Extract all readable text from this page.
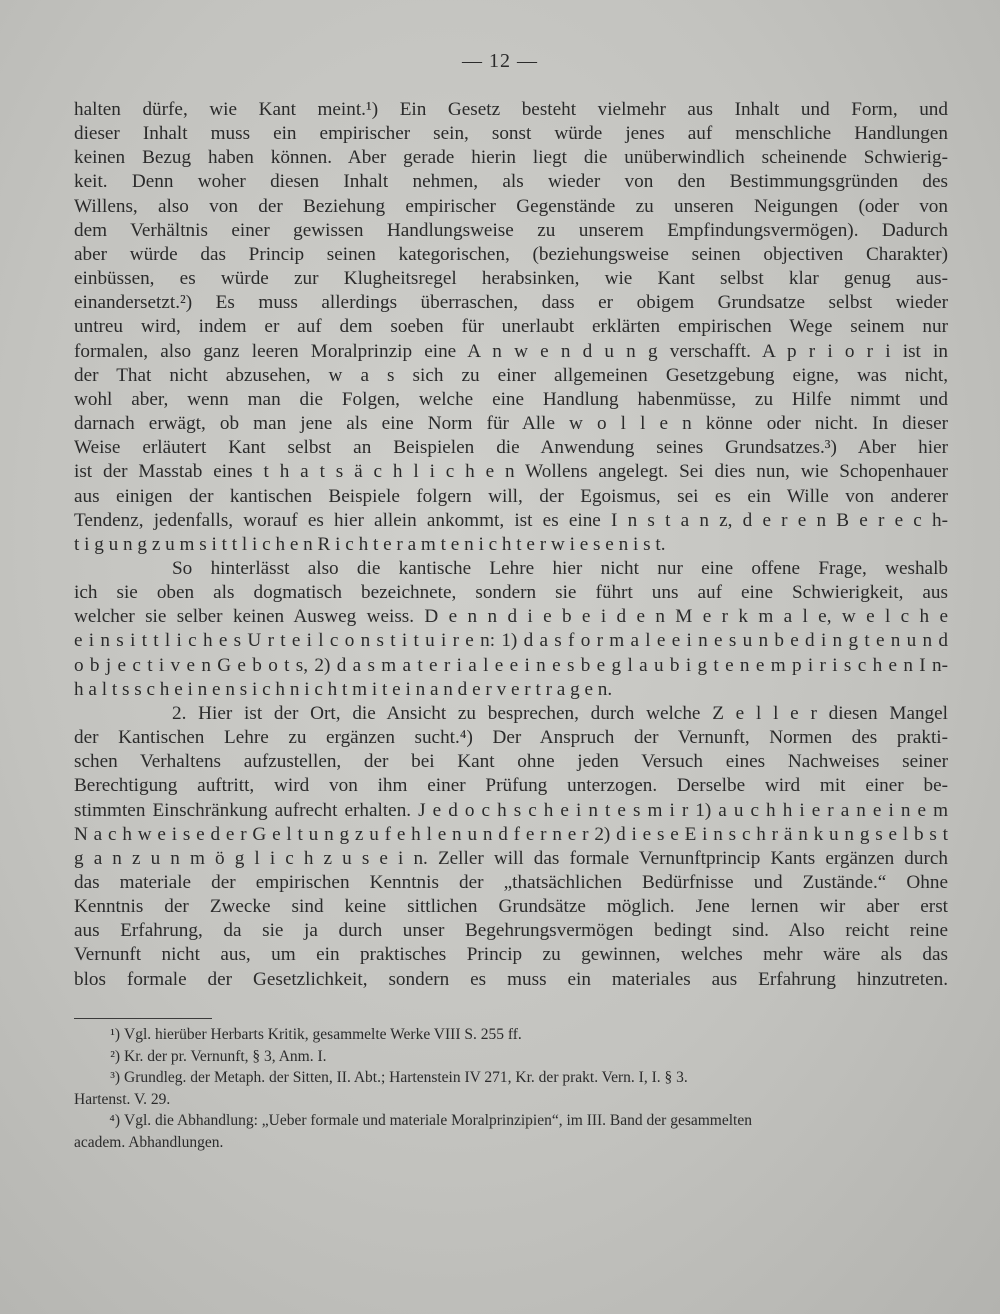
— 12 —
halten dürfe, wie Kant meint.¹) Ein Gesetz besteht vielmehr aus Inhalt und Form, und
dieser Inhalt muss ein empirischer sein, sonst würde jenes auf menschliche Handlungen
keinen Bezug haben können. Aber gerade hierin liegt die unüberwindlich scheinende Schwierig-
keit. Denn woher diesen Inhalt nehmen, als wieder von den Bestimmungsgründen des
Willens, also von der Beziehung empirischer Gegenstände zu unseren Neigungen (oder von
dem Verhältnis einer gewissen Handlungsweise zu unserem Empfindungsvermögen). Dadurch
aber würde das Princip seinen kategorischen, (beziehungsweise seinen objectiven Charakter)
einbüssen, es würde zur Klugheitsregel herabsinken, wie Kant selbst klar genug aus-
einandersetzt.²) Es muss allerdings überraschen, dass er obigem Grundsatze selbst wieder
untreu wird, indem er auf dem soeben für unerlaubt erklärten empirischen Wege seinem nur
formalen, also ganz leeren Moralprinzip eine A n w e n d u n g verschafft. A p r i o r i ist in
der That nicht abzusehen, w a s sich zu einer allgemeinen Gesetzgebung eigne, was nicht,
wohl aber, wenn man die Folgen, welche eine Handlung habenmüsse, zu Hilfe nimmt und
darnach erwägt, ob man jene als eine Norm für Alle w o l l e n könne oder nicht. In dieser
Weise erläutert Kant selbst an Beispielen die Anwendung seines Grundsatzes.³) Aber hier
ist der Masstab eines t h a t s ä c h l i c h e n Wollens angelegt. Sei dies nun, wie Schopenhauer
aus einigen der kantischen Beispiele folgern will, der Egoismus, sei es ein Wille von anderer
Tendenz, jedenfalls, worauf es hier allein ankommt, ist es eine I n s t a n z, d e r e n B e r e c h-
t i g u n g z u m s i t t l i c h e n R i c h t e r a m t e n i c h t e r w i e s e n i s t.
So hinterlässt also die kantische Lehre hier nicht nur eine offene Frage, weshalb
ich sie oben als dogmatisch bezeichnete, sondern sie führt uns auf eine Schwierigkeit, aus
welcher sie selber keinen Ausweg weiss. D e n n d i e b e i d e n M e r k m a l e, w e l c h e
e i n s i t t l i c h e s U r t e i l c o n s t i t u i r e n: 1) d a s f o r m a l e e i n e s u n b e d i n g t e n u n d
o b j e c t i v e n G e b o t s, 2) d a s m a t e r i a l e e i n e s b e g l a u b i g t e n e m p i r i s c h e n I n-
h a l t s s c h e i n e n s i c h n i c h t m i t e i n a n d e r v e r t r a g e n.
2. Hier ist der Ort, die Ansicht zu besprechen, durch welche Z e l l e r diesen Mangel
der Kantischen Lehre zu ergänzen sucht.⁴) Der Anspruch der Vernunft, Normen des prakti-
schen Verhaltens aufzustellen, der bei Kant ohne jeden Versuch eines Nachweises seiner
Berechtigung auftritt, wird von ihm einer Prüfung unterzogen. Derselbe wird mit einer be-
stimmten Einschränkung aufrecht erhalten. J e d o c h s c h e i n t e s m i r 1) a u c h h i e r a n e i n e m
N a c h w e i s e d e r G e l t u n g z u f e h l e n u n d f e r n e r 2) d i e s e E i n s c h r ä n k u n g s e l b s t
g a n z u n m ö g l i c h z u s e i n. Zeller will das formale Vernunftprincip Kants ergänzen durch
das materiale der empirischen Kenntnis der „thatsächlichen Bedürfnisse und Zustände.“ Ohne
Kenntnis der Zwecke sind keine sittlichen Grundsätze möglich. Jene lernen wir aber erst
aus Erfahrung, da sie ja durch unser Begehrungsvermögen bedingt sind. Also reicht reine
Vernunft nicht aus, um ein praktisches Princip zu gewinnen, welches mehr wäre als das
blos formale der Gesetzlichkeit, sondern es muss ein materiales aus Erfahrung hinzutreten.
¹) Vgl. hierüber Herbarts Kritik, gesammelte Werke VIII S. 255 ff.
²) Kr. der pr. Vernunft, § 3, Anm. I.
³) Grundleg. der Metaph. der Sitten, II. Abt.; Hartenstein IV 271, Kr. der prakt. Vern. I, I. § 3.
Hartenst. V. 29.
⁴) Vgl. die Abhandlung: „Ueber formale und materiale Moralprinzipien“, im III. Band der gesammelten
academ. Abhandlungen.
